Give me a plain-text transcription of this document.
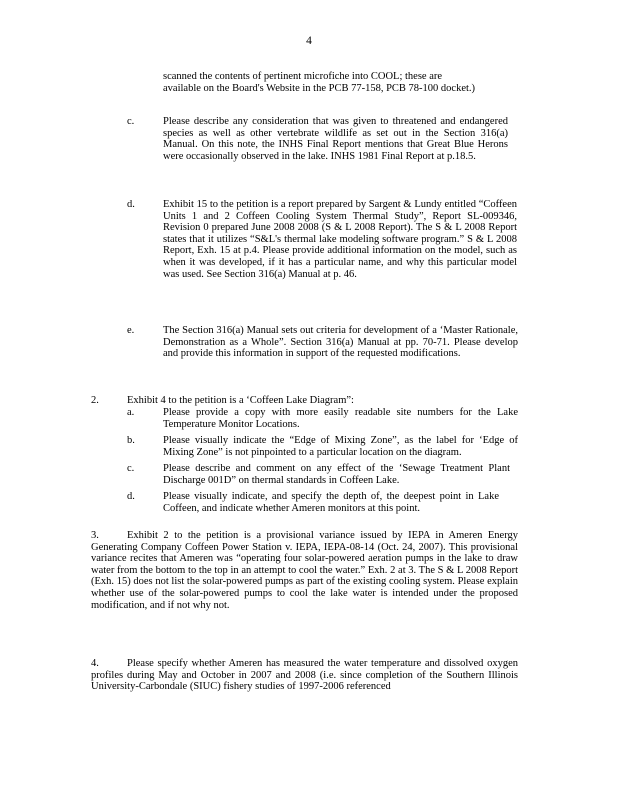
4
scanned the contents of pertinent microfiche into COOL; these are
available on the Board's Website in the PCB 77-158, PCB 78-100 docket.)
c.	Please describe any consideration that was given to threatened and endangered species as well as other vertebrate wildlife as set out in the Section 316(a) Manual. On this note, the INHS Final Report mentions that Great Blue Herons were occasionally observed in the lake. INHS 1981 Final Report at p.18.5.
d.	Exhibit 15 to the petition is a report prepared by Sargent & Lundy entitled “Coffeen Units 1 and 2 Coffeen Cooling System Thermal Study”, Report SL-009346, Revision 0 prepared June 2008 2008 (S & L 2008 Report). The S & L 2008 Report states that it utilizes “S&L's thermal lake modeling software program.” S & L 2008 Report, Exh. 15 at p.4. Please provide additional information on the model, such as when it was developed, if it has a particular name, and why this particular model was used. See Section 316(a) Manual at p. 46.
e.	The Section 316(a) Manual sets out criteria for development of a ‘Master Rationale, Demonstration as a Whole”. Section 316(a) Manual at pp. 70-71. Please develop and provide this information in support of the requested modifications.
2.	Exhibit 4 to the petition is a ‘Coffeen Lake Diagram”:
a.	Please provide a copy with more easily readable site numbers for the Lake Temperature Monitor Locations.
b.	Please visually indicate the “Edge of Mixing Zone”, as the label for ‘Edge of Mixing Zone” is not pinpointed to a particular location on the diagram.
c.	Please describe and comment on any effect of the ‘Sewage Treatment Plant Discharge 001D” on thermal standards in Coffeen Lake.
d.	Please visually indicate, and specify the depth of, the deepest point in Lake Coffeen, and indicate whether Ameren monitors at this point.
3.	Exhibit 2 to the petition is a provisional variance issued by IEPA in Ameren Energy Generating Company Coffeen Power Station v. IEPA, IEPA-08-14 (Oct. 24, 2007). This provisional variance recites that Ameren was “operating four solar-powered aeration pumps in the lake to draw water from the bottom to the top in an attempt to cool the water.” Exh. 2 at 3. The S & L 2008 Report (Exh. 15) does not list the solar-powered pumps as part of the existing cooling system. Please explain whether use of the solar-powered pumps to cool the lake water is intended under the proposed modification, and if not why not.
4.	Please specify whether Ameren has measured the water temperature and dissolved oxygen profiles during May and October in 2007 and 2008 (i.e. since completion of the Southern Illinois University-Carbondale (SIUC) fishery studies of 1997-2006 referenced
